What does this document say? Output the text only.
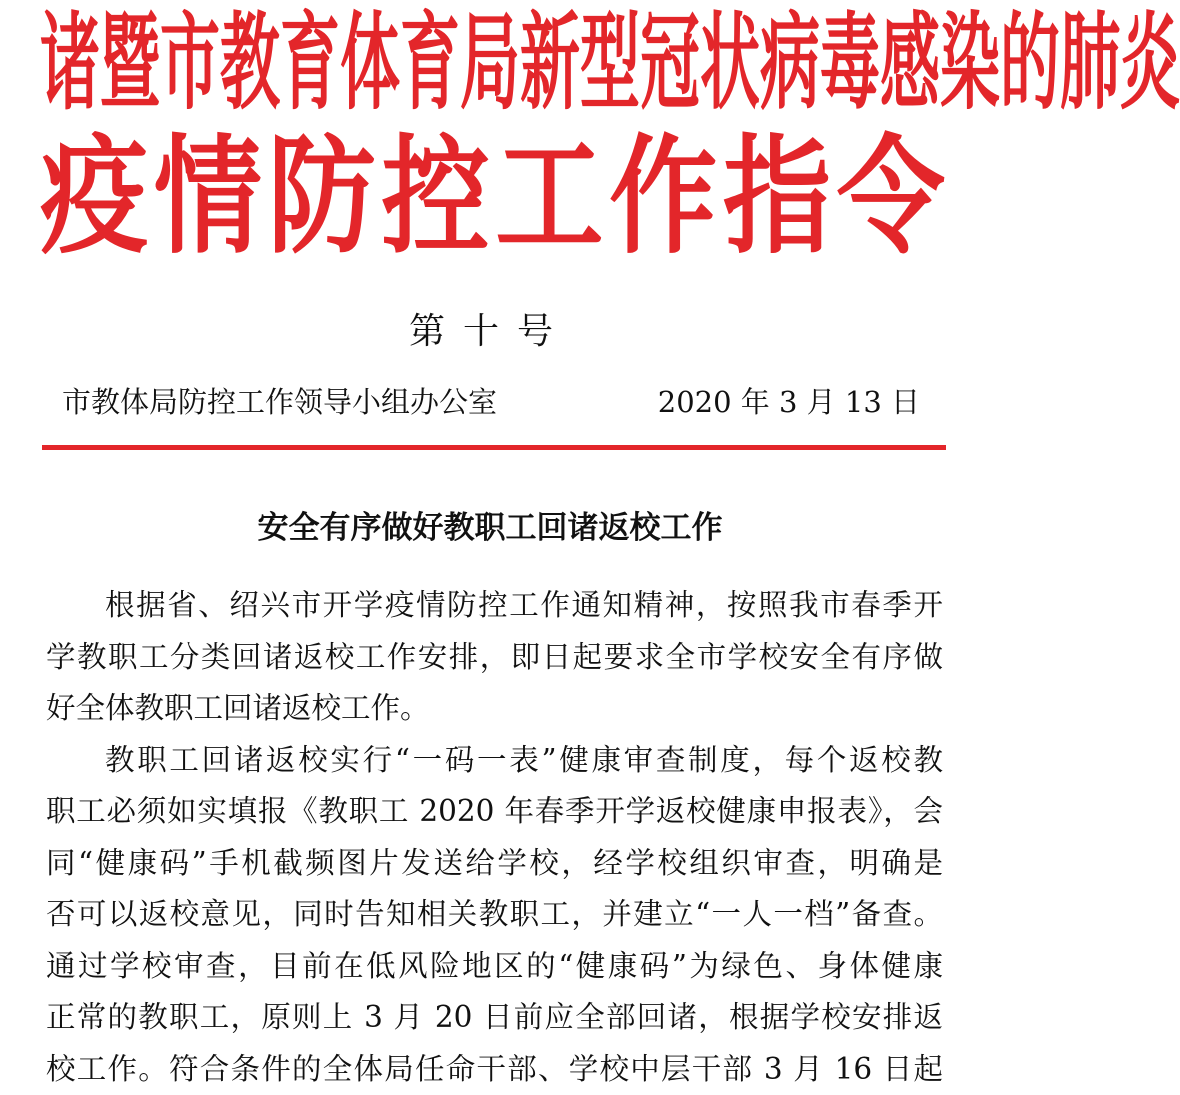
诸 暨 市 教 育 体 育 局 新 型 冠 状 病 毒 感 染 的 肺 炎
疫 情 防 控 工 作 指 令
第十号
市教体局防控工作领导小组办公室	2020 年 3 月 13 日
安全有序做好教职工回诸返校工作
根据省、绍兴市开学疫情防控工作通知精神，按照我市春季开
学教职工分类回诸返校工作安排，即日起要求全市学校安全有序做
好全体教职工回诸返校工作。
教职工回诸返校实行“一码一表”健康审查制度，每个返校教
职工必须如实填报《教职工 2020 年春季开学返校健康申报表》，会
同“健康码”手机截频图片发送给学校，经学校组织审查，明确是
否可以返校意见，同时告知相关教职工，并建立“一人一档”备查。
通过学校审查，目前在低风险地区的“健康码”为绿色、身体健康
正常的教职工，原则上 3 月 20 日前应全部回诸，根据学校安排返
校工作。符合条件的全体局任命干部、学校中层干部 3 月 16 日起
